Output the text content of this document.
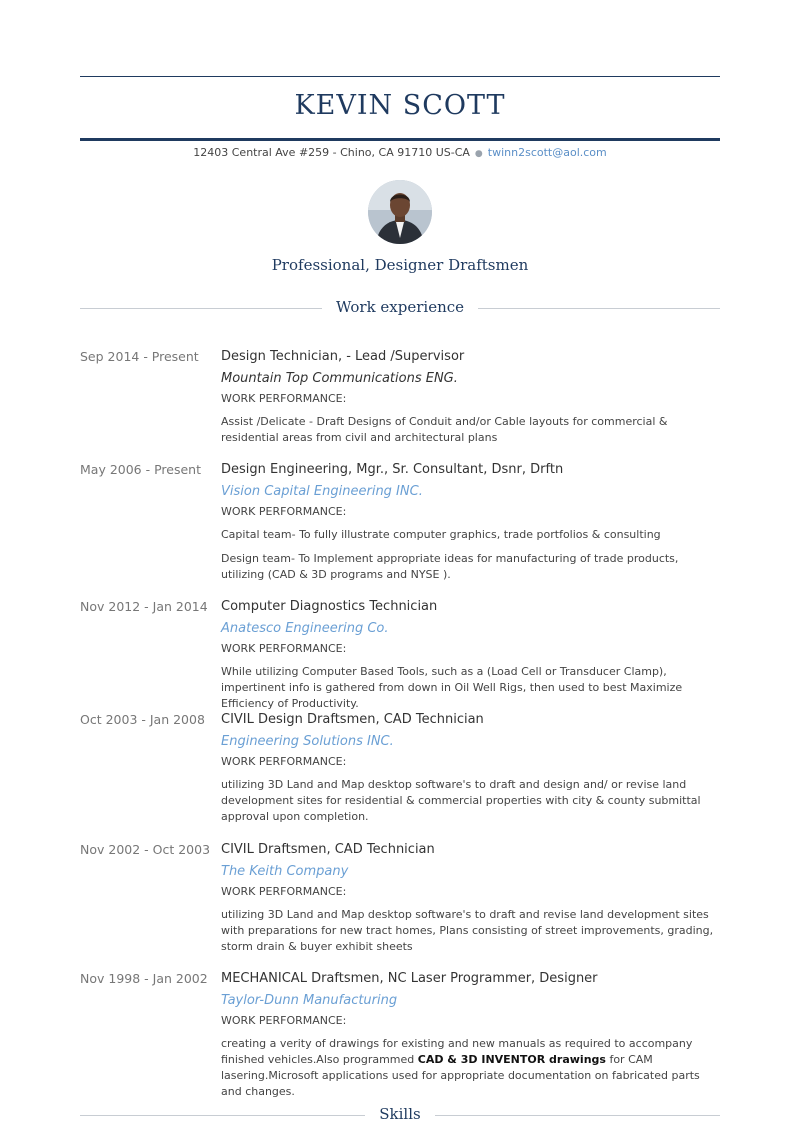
KEVIN SCOTT
12403 Central Ave #259 - Chino, CA 91710 US-CA ● twinn2scott@aol.com
Professional, Designer Draftsmen
Work experience
Sep 2014 - Present	Design Technician, - Lead /Supervisor
Mountain Top Communications ENG.
WORK PERFORMANCE:
Assist /Delicate - Draft Designs of Conduit and/or Cable layouts for commercial & residential areas from civil and architectural plans
May 2006 - Present	Design Engineering, Mgr., Sr. Consultant, Dsnr, Drftn
Vision Capital Engineering INC.
WORK PERFORMANCE:
Capital team- To fully illustrate computer graphics, trade portfolios & consulting
Design team- To Implement appropriate ideas for manufacturing of trade products, utilizing (CAD & 3D programs and NYSE ).
Nov 2012 - Jan 2014	Computer Diagnostics Technician
Anatesco Engineering Co.
WORK PERFORMANCE:
While utilizing Computer Based Tools, such as a (Load Cell or Transducer Clamp), impertinent info is gathered from down in Oil Well Rigs, then used to best Maximize Efficiency of Productivity.
Oct 2003 - Jan 2008	CIVIL Design Draftsmen, CAD Technician
Engineering Solutions INC.
WORK PERFORMANCE:
utilizing 3D Land and Map desktop software's to draft and design and/ or revise land development sites for residential & commercial properties with city & county submittal approval upon completion.
Nov 2002 - Oct 2003 CIVIL Draftsmen, CAD Technician
The Keith Company
WORK PERFORMANCE:
utilizing 3D Land and Map desktop software's to draft and revise land development sites with preparations for new tract homes, Plans consisting of street improvements, grading, storm drain & buyer exhibit sheets
Nov 1998 - Jan 2002	MECHANICAL Draftsmen, NC Laser Programmer, Designer
Taylor-Dunn Manufacturing
WORK PERFORMANCE:
creating a verity of drawings for existing and new manuals as required to accompany finished vehicles.Also programmed CAD & 3D INVENTOR drawings for CAM lasering.Microsoft applications used for appropriate documentation on fabricated parts and changes.
Skills
